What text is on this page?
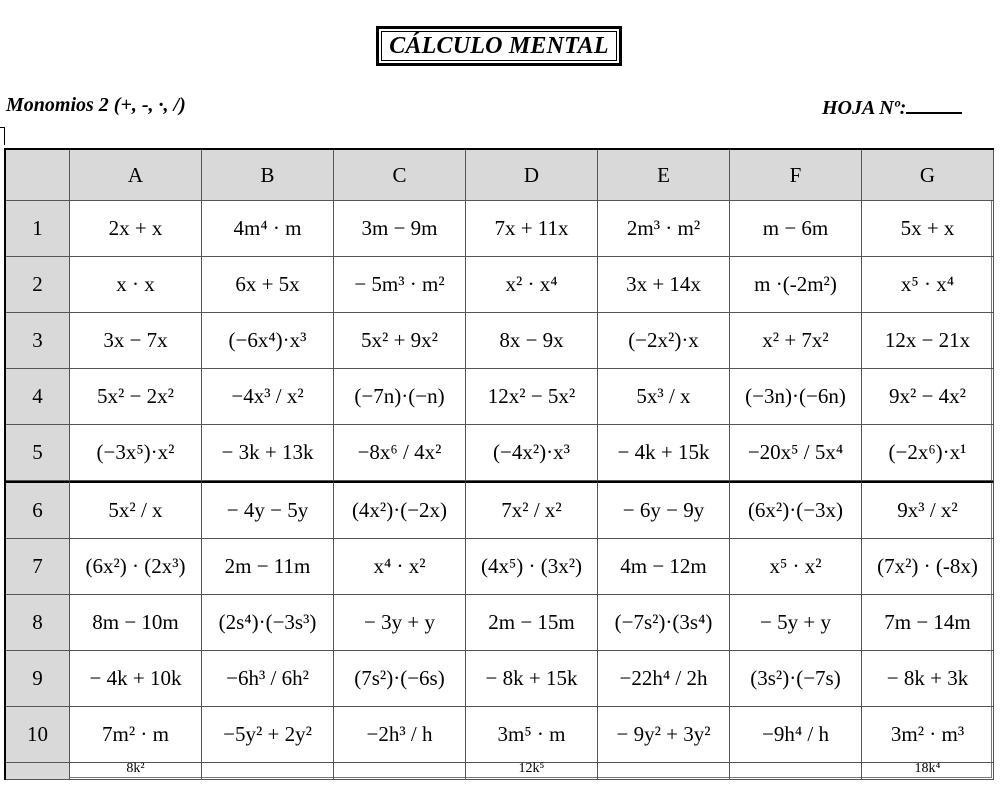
CÁLCULO MENTAL
Monomios 2 (+, -, ·, /)	HOJA Nº:
	A	B	C	D	E	F	G
1	2x + x	4m⁴ · m	3m − 9m	7x + 11x	2m³ · m²	m − 6m	5x + x
2	x · x	6x + 5x	− 5m³ · m²	x² · x⁴	3x + 14x	m ·(-2m²)	x⁵ · x⁴
3	3x − 7x	(−6x⁴)·x³	5x² + 9x²	8x − 9x	(−2x²)·x	x² + 7x²	12x − 21x
4	5x² − 2x²	−4x³ / x²	(−7n)·(−n)	12x² − 5x²	5x³ / x	(−3n)·(−6n)	9x² − 4x²
5	(−3x⁵)·x²	− 3k + 13k	−8x⁶ / 4x²	(−4x²)·x³	− 4k + 15k	−20x⁵ / 5x⁴	(−2x⁶)·x¹
6	5x² / x	− 4y − 5y	(4x²)·(−2x)	7x² / x²	− 6y − 9y	(6x²)·(−3x)	9x³ / x²
7	(6x²) · (2x³)	2m − 11m	x⁴ · x²	(4x⁵) · (3x²)	4m − 12m	x⁵ · x²	(7x²) · (-8x)
8	8m − 10m	(2s⁴)·(−3s³)	− 3y + y	2m − 15m	(−7s²)·(3s⁴)	− 5y + y	7m − 14m
9	− 4k + 10k	−6h³ / 6h²	(7s²)·(−6s)	− 8k + 15k	−22h⁴ / 2h	(3s²)·(−7s)	− 8k + 3k
10	7m² · m	−5y² + 2y²	−2h³ / h	3m⁵ · m	− 9y² + 3y²	−9h⁴ / h	3m² · m³
	8k²			12k⁵			18k⁴
